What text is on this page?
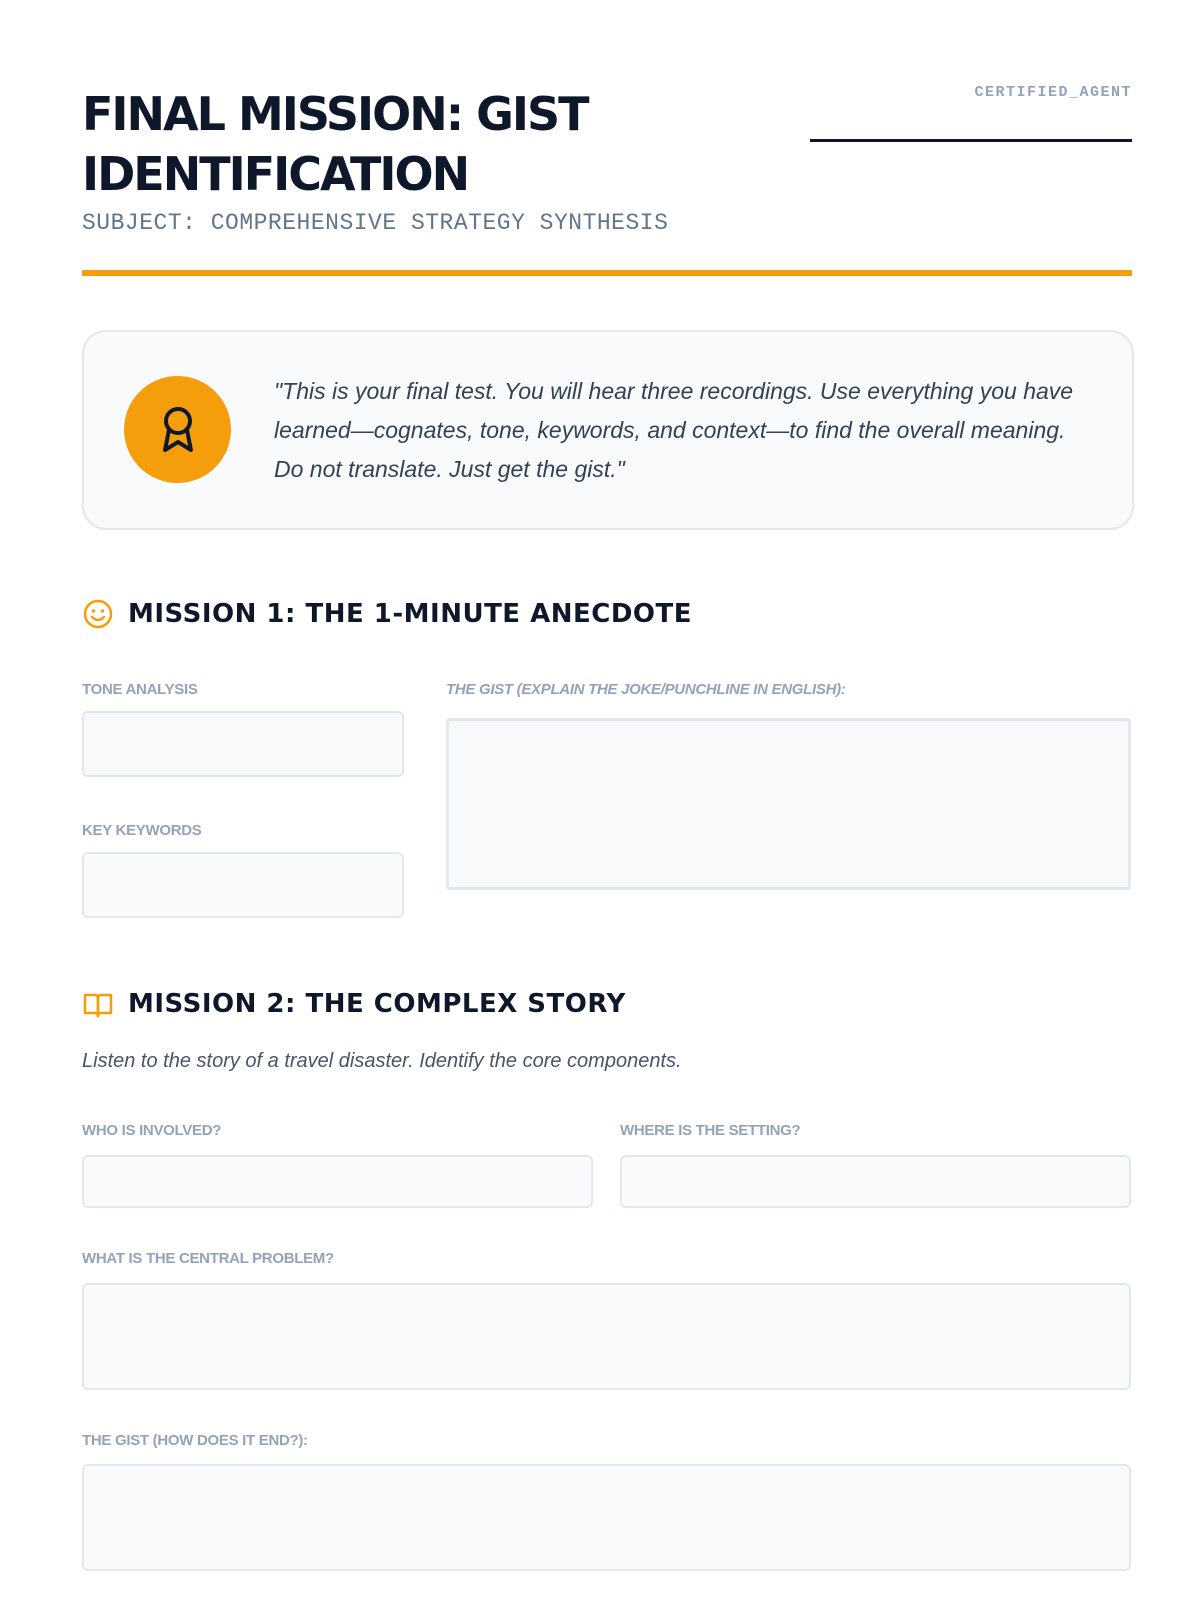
FINAL MISSION: GIST IDENTIFICATION
SUBJECT: COMPREHENSIVE STRATEGY SYNTHESIS
CERTIFIED_AGENT

"This is your final test. You will hear three recordings. Use everything you have learned—cognates, tone, keywords, and context—to find the overall meaning. Do not translate. Just get the gist."

MISSION 1: THE 1-MINUTE ANECDOTE
TONE ANALYSIS
KEY KEYWORDS
THE GIST (EXPLAIN THE JOKE/PUNCHLINE IN ENGLISH):
MISSION 2: THE COMPLEX STORY

Listen to the story of a travel disaster. Identify the core components.

WHO IS INVOLVED?	WHERE IS THE SETTING?
WHAT IS THE CENTRAL PROBLEM?
THE GIST (HOW DOES IT END?):
